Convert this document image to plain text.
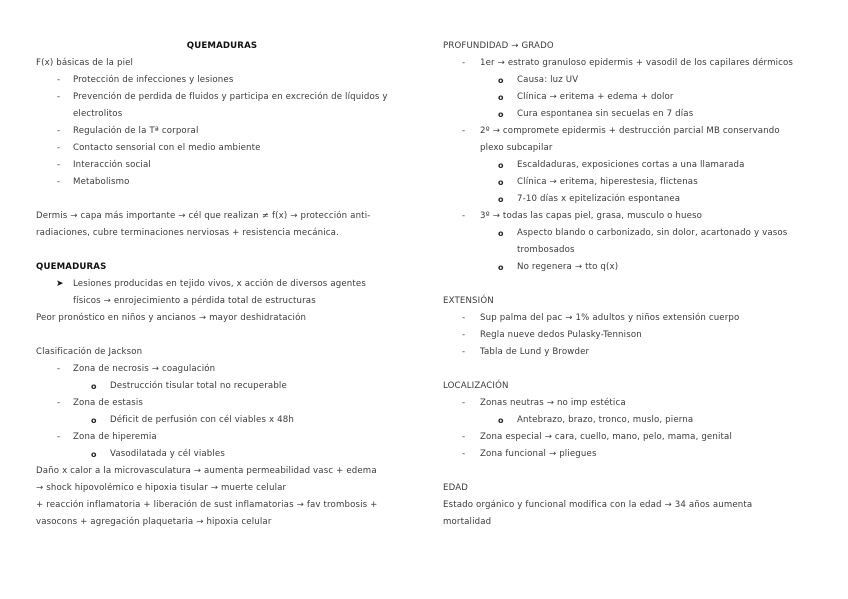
QUEMADURAS
F(x) básicas de la piel
- Protección de infecciones y lesiones
- Prevención de perdida de fluidos y participa en excreción de líquidos y
electrolitos
- Regulación de la Tª corporal
- Contacto sensorial con el medio ambiente
- Interacción social
- Metabolismo
Dermis → capa más importante → cél que realizan ≠ f(x) → protección anti-
radiaciones, cubre terminaciones nerviosas + resistencia mecánica.
QUEMADURAS
➤ Lesiones producidas en tejido vivos, x acción de diversos agentes
físicos → enrojecimiento a pérdida total de estructuras
Peor pronóstico en niños y ancianos → mayor deshidratación
Clasificación de Jackson
- Zona de necrosis → coagulación
o Destrucción tisular total no recuperable
- Zona de estasis
o Déficit de perfusión con cél viables x 48h
- Zona de hiperemia
o Vasodilatada y cél viables
Daño x calor a la microvasculatura → aumenta permeabilidad vasc + edema
→ shock hipovolémico e hipoxia tisular → muerte celular
+ reacción inflamatoria + liberación de sust inflamatorias → fav trombosis +
vasocons + agregación plaquetaria → hipoxia celular
PROFUNDIDAD → GRADO
- 1er → estrato granuloso epidermis + vasodil de los capilares dérmicos
o Causa: luz UV
o Clínica → eritema + edema + dolor
o Cura espontanea sin secuelas en 7 días
- 2º → compromete epidermis + destrucción parcial MB conservando
plexo subcapilar
o Escaldaduras, exposiciones cortas a una llamarada
o Clínica → eritema, hiperestesia, flictenas
o 7-10 días x epitelización espontanea
- 3º → todas las capas piel, grasa, musculo o hueso
o Aspecto blando o carbonizado, sin dolor, acartonado y vasos
trombosados
o No regenera → tto q(x)
EXTENSIÓN
- Sup palma del pac → 1% adultos y niños extensión cuerpo
- Regla nueve dedos Pulasky-Tennison
- Tabla de Lund y Browder
LOCALIZACIÓN
- Zonas neutras → no imp estética
o Antebrazo, brazo, tronco, muslo, pierna
- Zona especial → cara, cuello, mano, pelo, mama, genital
- Zona funcional → pliegues
EDAD
Estado orgánico y funcional modifica con la edad → 34 años aumenta
mortalidad
